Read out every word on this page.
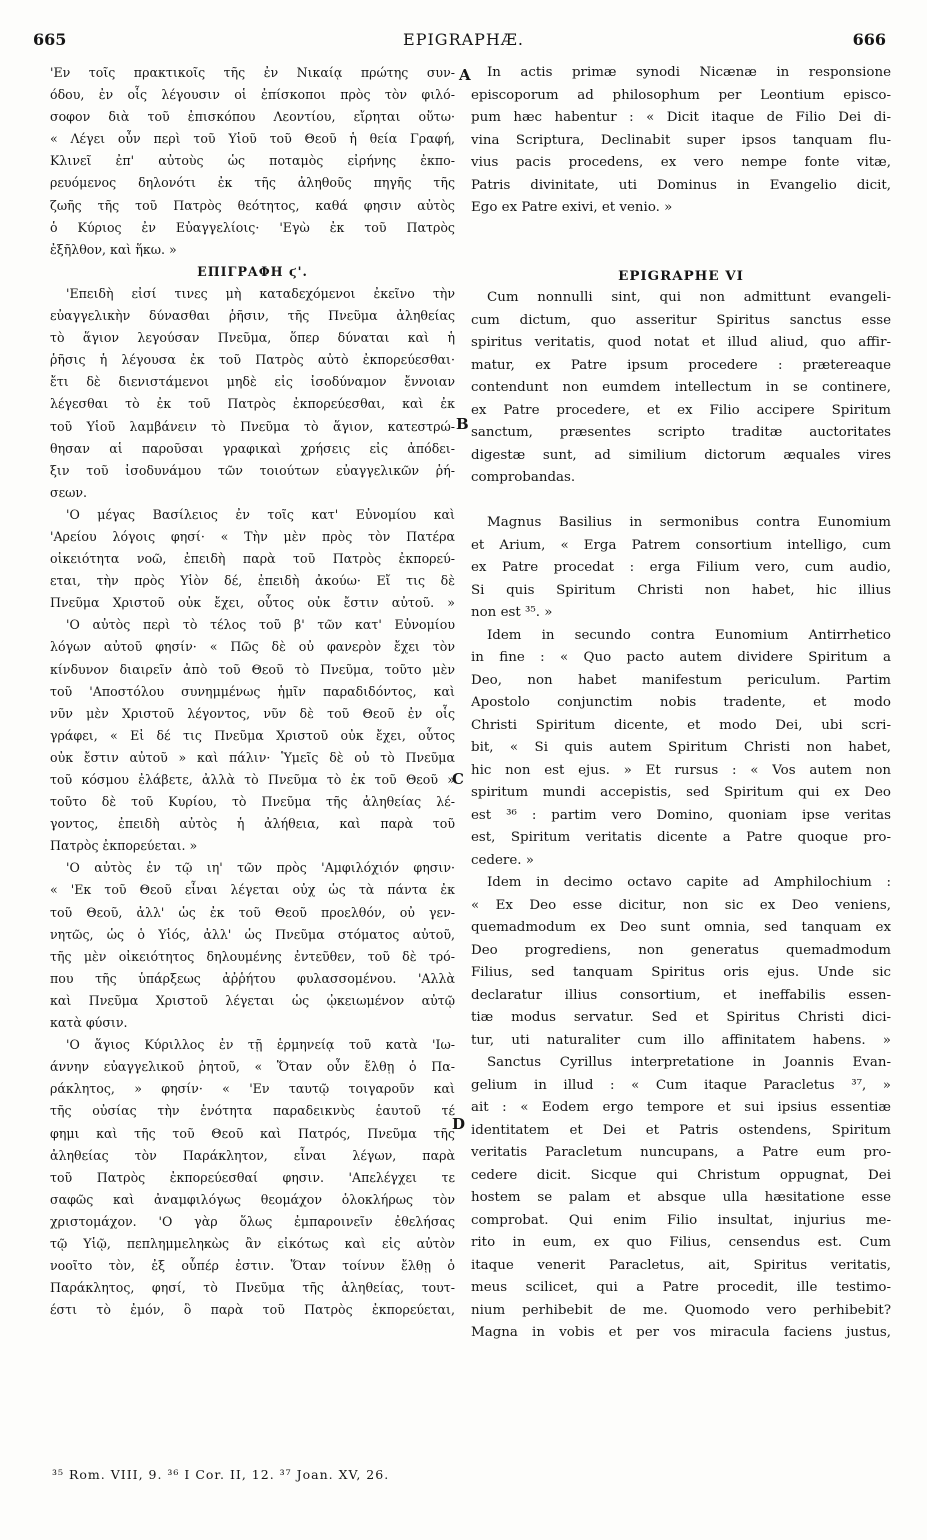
EPIGRAPHÆ.
665	666
'Εν τοῖς πρακτικοῖς τῆς ἐν Νικαίᾳ πρώτης συν-
όδου, ἐν οἷς λέγουσιν οἱ ἐπίσκοποι πρὸς τὸν φιλό-
σοφον διὰ τοῦ ἐπισκόπου Λεοντίου, εἴρηται οὕτω·
« Λέγει οὖν περὶ τοῦ Υἱοῦ τοῦ Θεοῦ ἡ θεία Γραφή,
Κλινεῖ ἐπ' αὐτοὺς ὡς ποταμὸς εἰρήνης ἐκπο-
ρευόμενος δηλονότι ἐκ τῆς ἀληθοῦς πηγῆς τῆς
ζωῆς τῆς τοῦ Πατρὸς θεότητος, καθά φησιν αὐτὸς
ὁ Κύριος ἐν Εὐαγγελίοις· 'Εγὼ ἐκ τοῦ Πατρὸς
ἐξῆλθον, καὶ ἥκω. »
ΕΠΙΓΡΑΦΗ ϛ'.
'Επειδὴ εἰσί τινες μὴ καταδεχόμενοι ἐκεῖνο τὴν
εὐαγγελικὴν δύνασθαι ῥῆσιν, τῆς Πνεῦμα ἀληθείας
τὸ ἅγιον λεγούσαν Πνεῦμα, ὅπερ δύναται καὶ ἡ
ῥῆσις ἡ λέγουσα ἐκ τοῦ Πατρὸς αὐτὸ ἐκπορεύεσθαι·
ἔτι δὲ διενιστάμενοι μηδὲ εἰς ἰσοδύναμον ἔννοιαν
λέγεσθαι τὸ ἐκ τοῦ Πατρὸς ἐκπορεύεσθαι, καὶ ἐκ
τοῦ Υἱοῦ λαμβάνειν τὸ Πνεῦμα τὸ ἅγιον, κατεστρώ-
θησαν αἱ παροῦσαι γραφικαὶ χρήσεις εἰς ἀπόδει-
ξιν τοῦ ἰσοδυνάμου τῶν τοιούτων εὐαγγελικῶν ῥή-
σεων.
'Ο μέγας Βασίλειος ἐν τοῖς κατ' Εὐνομίου καὶ
'Αρείου λόγοις φησί· « Τὴν μὲν πρὸς τὸν Πατέρα
οἰκειότητα νοῶ, ἐπειδὴ παρὰ τοῦ Πατρὸς ἐκπορεύ-
εται, τὴν πρὸς Υἱὸν δέ, ἐπειδὴ ἀκούω· Εἴ τις δὲ
Πνεῦμα Χριστοῦ οὐκ ἔχει, οὗτος οὐκ ἔστιν αὐτοῦ. »
'Ο αὐτὸς περὶ τὸ τέλος τοῦ β' τῶν κατ' Εὐνομίου
λόγων αὐτοῦ φησίν· « Πῶς δὲ οὐ φανερὸν ἔχει τὸν
κίνδυνον διαιρεῖν ἀπὸ τοῦ Θεοῦ τὸ Πνεῦμα, τοῦτο μὲν
τοῦ 'Αποστόλου συνημμένως ἡμῖν παραδιδόντος, καὶ
νῦν μὲν Χριστοῦ λέγοντος, νῦν δὲ τοῦ Θεοῦ ἐν οἷς
γράφει, « Εἰ δέ τις Πνεῦμα Χριστοῦ οὐκ ἔχει, οὗτος
οὐκ ἔστιν αὐτοῦ » καὶ πάλιν· Ὑμεῖς δὲ οὐ τὸ Πνεῦμα
τοῦ κόσμου ἐλάβετε, ἀλλὰ τὸ Πνεῦμα τὸ ἐκ τοῦ Θεοῦ »
τοῦτο δὲ τοῦ Κυρίου, τὸ Πνεῦμα τῆς ἀληθείας λέ-
γοντος, ἐπειδὴ αὐτὸς ἡ ἀλήθεια, καὶ παρὰ τοῦ
Πατρὸς ἐκπορεύεται. »
'Ο αὐτὸς ἐν τῷ ιη' τῶν πρὸς 'Αμφιλόχιόν φησιν·
« 'Εκ τοῦ Θεοῦ εἶναι λέγεται οὐχ ὡς τὰ πάντα ἐκ
τοῦ Θεοῦ, ἀλλ' ὡς ἐκ τοῦ Θεοῦ προελθόν, οὐ γεν-
νητῶς, ὡς ὁ Υἱός, ἀλλ' ὡς Πνεῦμα στόματος αὐτοῦ,
τῆς μὲν οἰκειότητος δηλουμένης ἐντεῦθεν, τοῦ δὲ τρό-
που τῆς ὑπάρξεως ἀῤῥήτου φυλασσομένου. 'Αλλὰ
καὶ Πνεῦμα Χριστοῦ λέγεται ὡς ᾠκειωμένον αὐτῷ
κατὰ φύσιν.
'Ο ἅγιος Κύριλλος ἐν τῇ ἑρμηνείᾳ τοῦ κατὰ 'Ιω-
άννην εὐαγγελικοῦ ῥητοῦ, « Ὅταν οὖν ἔλθῃ ὁ Πα-
ράκλητος, » φησίν· « 'Εν ταυτῷ τοιγαροῦν καὶ
τῆς οὐσίας τὴν ἑνότητα παραδεικνὺς ἑαυτοῦ τέ
φημι καὶ τῆς τοῦ Θεοῦ καὶ Πατρός, Πνεῦμα τῆς
ἀληθείας τὸν Παράκλητον, εἶναι λέγων, παρὰ
τοῦ Πατρὸς ἐκπορεύεσθαί φησιν. 'Απελέγχει τε
σαφῶς καὶ ἀναμφιλόγως θεομάχον ὁλοκλήρως τὸν
χριστομάχον. 'Ο γὰρ ὅλως ἐμπαροινεῖν ἐθελήσας
τῷ Υἱῷ, πεπλημμεληκὼς ἂν εἰκότως καὶ εἰς αὐτὸν
νοοῖτο τὸν, ἐξ οὗπέρ ἐστιν. Ὅταν τοίνυν ἔλθῃ ὁ
Παράκλητος, φησί, τὸ Πνεῦμα τῆς ἀληθείας, τουτ-
έστι τὸ ἐμόν, ὃ παρὰ τοῦ Πατρὸς ἐκπορεύεται,
In actis primæ synodi Nicænæ in responsione
episcoporum ad philosophum per Leontium episco-
pum hæc habentur : « Dicit itaque de Filio Dei di-
vina Scriptura, Declinabit super ipsos tanquam flu-
vius pacis procedens, ex vero nempe fonte vitæ,
Patris divinitate, uti Dominus in Evangelio dicit,
Ego ex Patre exivi, et venio. »
EPIGRAPHE VI
Cum nonnulli sint, qui non admittunt evangeli-
cum dictum, quo asseritur Spiritus sanctus esse
spiritus veritatis, quod notat et illud aliud, quo affir-
matur, ex Patre ipsum procedere : prætereaque
contendunt non eumdem intellectum in se continere,
ex Patre procedere, et ex Filio accipere Spiritum
sanctum, præsentes scripto traditæ auctoritates
digestæ sunt, ad similium dictorum æquales vires
comprobandas.
Magnus Basilius in sermonibus contra Eunomium
et Arium, « Erga Patrem consortium intelligo, cum
ex Patre procedat : erga Filium vero, cum audio,
Si quis Spiritum Christi non habet, hic illius
non est ³⁵. »
Idem in secundo contra Eunomium Antirrhetico
in fine : « Quo pacto autem dividere Spiritum a
Deo, non habet manifestum periculum. Partim
Apostolo conjunctim nobis tradente, et modo
Christi Spiritum dicente, et modo Dei, ubi scri-
bit, « Si quis autem Spiritum Christi non habet,
hic non est ejus. » Et rursus : « Vos autem non
spiritum mundi accepistis, sed Spiritum qui ex Deo
est ³⁶ : partim vero Domino, quoniam ipse veritas
est, Spiritum veritatis dicente a Patre quoque pro-
cedere. »
Idem in decimo octavo capite ad Amphilochium :
« Ex Deo esse dicitur, non sic ex Deo veniens,
quemadmodum ex Deo sunt omnia, sed tanquam ex
Deo progrediens, non generatus quemadmodum
Filius, sed tanquam Spiritus oris ejus. Unde sic
declaratur illius consortium, et ineffabilis essen-
tiæ modus servatur. Sed et Spiritus Christi dici-
tur, uti naturaliter cum illo affinitatem habens. »
Sanctus Cyrillus interpretatione in Joannis Evan-
gelium in illud : « Cum itaque Paracletus ³⁷, »
ait : « Eodem ergo tempore et sui ipsius essentiæ
identitatem et Dei et Patris ostendens, Spiritum
veritatis Paracletum nuncupans, a Patre eum pro-
cedere dicit. Sicque qui Christum oppugnat, Dei
hostem se palam et absque ulla hæsitatione esse
comprobat. Qui enim Filio insultat, injurius me-
rito in eum, ex quo Filius, censendus est. Cum
itaque venerit Paracletus, ait, Spiritus veritatis,
meus scilicet, qui a Patre procedit, ille testimo-
nium perhibebit de me. Quomodo vero perhibebit?
Magna in vobis et per vos miracula faciens justus,
A
B
C
D
³⁵ Rom. VIII, 9. ³⁶ I Cor. II, 12. ³⁷ Joan. XV, 26.
